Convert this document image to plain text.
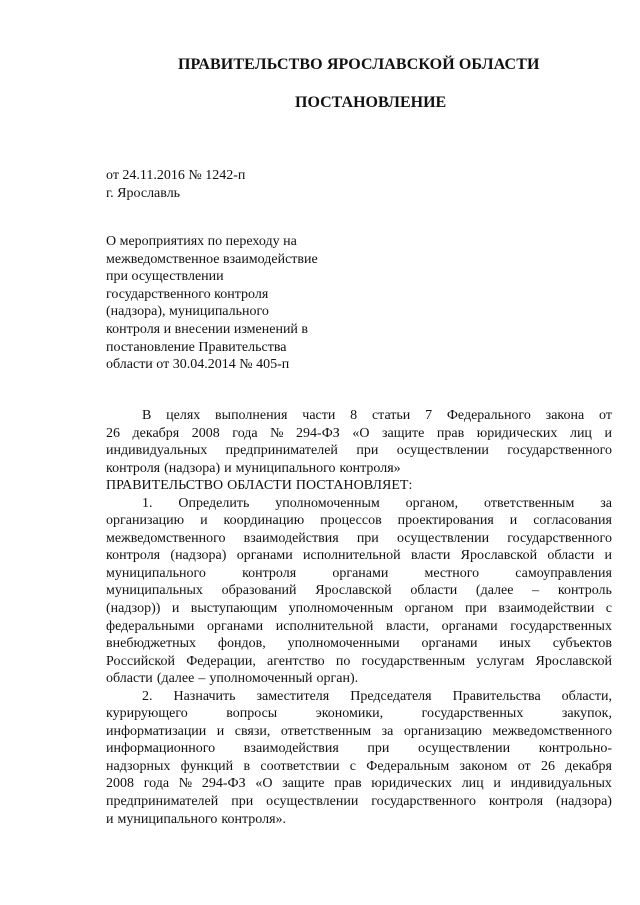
ПРАВИТЕЛЬСТВО ЯРОСЛАВСКОЙ ОБЛАСТИ
ПОСТАНОВЛЕНИЕ
от 24.11.2016 № 1242-п
г. Ярославль
О мероприятиях по переходу на
межведомственное взаимодействие
при осуществлении
государственного контроля
(надзора), муниципального
контроля и внесении изменений в
постановление Правительства
области от 30.04.2014 № 405-п
В целях выполнения части 8 статьи 7 Федерального закона от
26 декабря 2008 года № 294-ФЗ «О защите прав юридических лиц и
индивидуальных предпринимателей при осуществлении государственного
контроля (надзора) и муниципального контроля»
ПРАВИТЕЛЬСТВО ОБЛАСТИ ПОСТАНОВЛЯЕТ:
1. Определить уполномоченным органом, ответственным за
организацию и координацию процессов проектирования и согласования
межведомственного взаимодействия при осуществлении государственного
контроля (надзора) органами исполнительной власти Ярославской области и
муниципального	контроля	органами	местного	самоуправления
муниципальных образований Ярославской области (далее – контроль
(надзор)) и выступающим уполномоченным органом при взаимодействии с
федеральными органами исполнительной власти, органами государственных
внебюджетных фондов, уполномоченными органами иных субъектов
Российской Федерации, агентство по государственным услугам Ярославской
области (далее – уполномоченный орган).
2. Назначить заместителя Председателя Правительства области,
курирующего	вопросы	экономики,	государственных	закупок,
информатизации и связи, ответственным за организацию межведомственного
информационного взаимодействия при осуществлении контрольно-
надзорных функций в соответствии с Федеральным законом от 26 декабря
2008 года № 294-ФЗ «О защите прав юридических лиц и индивидуальных
предпринимателей при осуществлении государственного контроля (надзора)
и муниципального контроля».
